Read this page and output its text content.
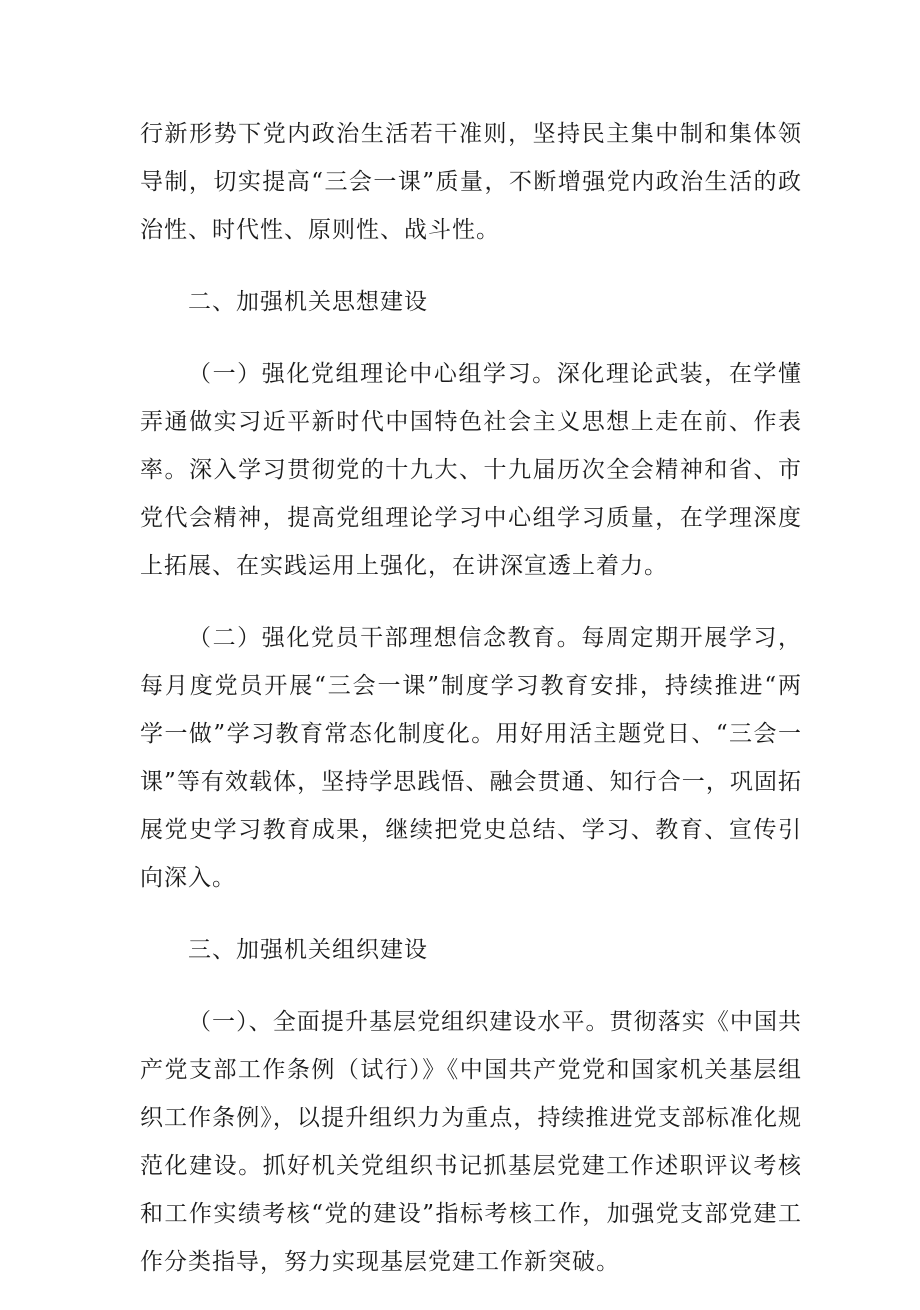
行新形势下党内政治生活若干准则，坚持民主集中制和集体领导制，切实提高“三会一课”质量，不断增强党内政治生活的政治性、时代性、原则性、战斗性。

二、加强机关思想建设

（一）强化党组理论中心组学习。深化理论武装，在学懂弄通做实习近平新时代中国特色社会主义思想上走在前、作表率。深入学习贯彻党的十九大、十九届历次全会精神和省、市党代会精神，提高党组理论学习中心组学习质量，在学理深度上拓展、在实践运用上强化，在讲深宣透上着力。

（二）强化党员干部理想信念教育。每周定期开展学习，每月度党员开展“三会一课”制度学习教育安排，持续推进“两学一做”学习教育常态化制度化。用好用活主题党日、“三会一课”等有效载体，坚持学思践悟、融会贯通、知行合一，巩固拓展党史学习教育成果，继续把党史总结、学习、教育、宣传引向深入。

三、加强机关组织建设

（一）、全面提升基层党组织建设水平。贯彻落实《中国共产党支部工作条例（试行）》《中国共产党党和国家机关基层组织工作条例》，以提升组织力为重点，持续推进党支部标准化规范化建设。抓好机关党组织书记抓基层党建工作述职评议考核和工作实绩考核“党的建设”指标考核工作，加强党支部党建工作分类指导，努力实现基层党建工作新突破。
